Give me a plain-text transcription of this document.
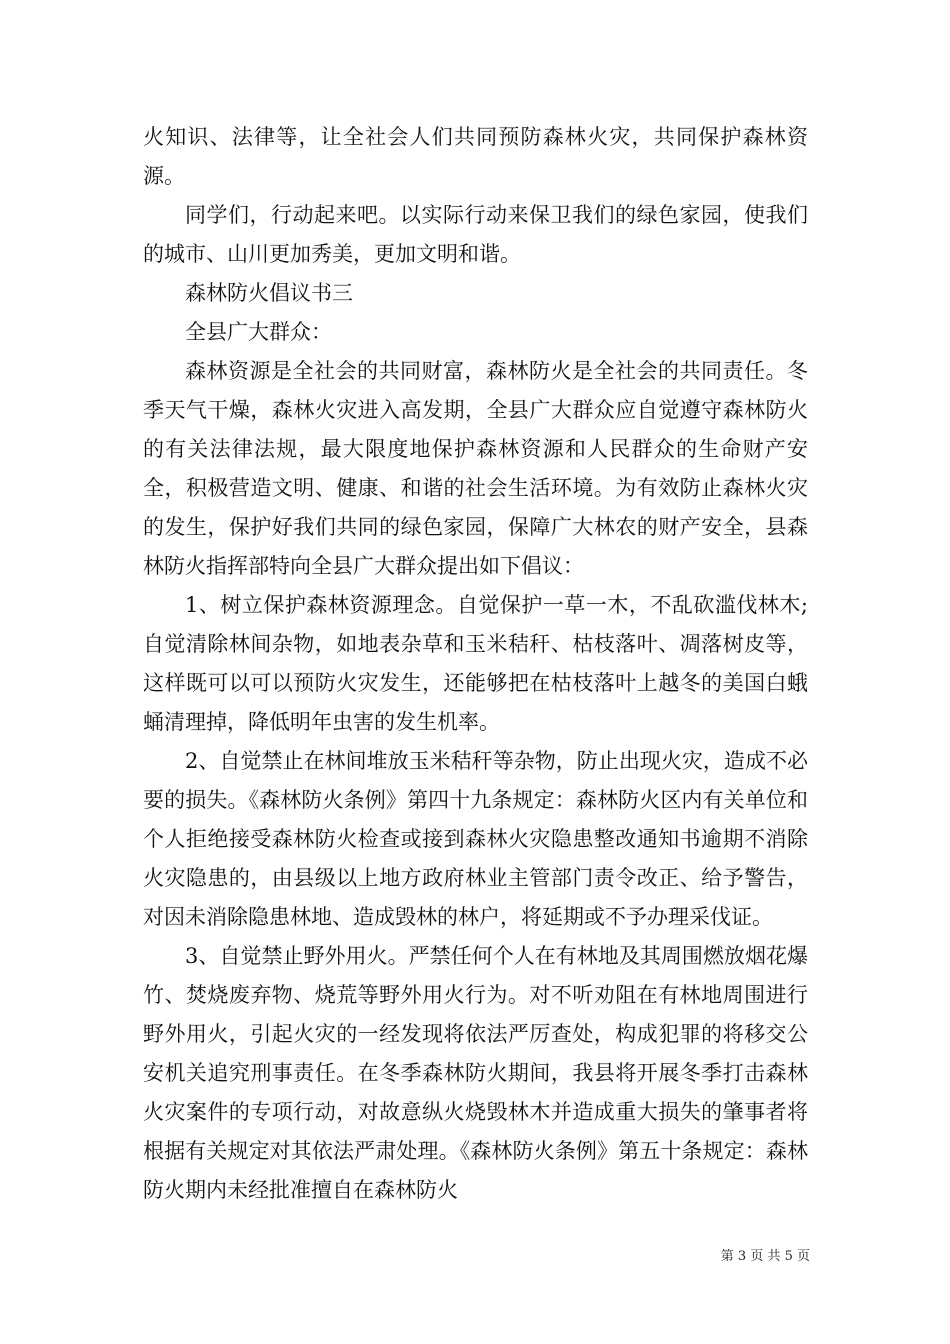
火知识、法律等，让全社会人们共同预防森林火灾，共同保护森林资源。

同学们，行动起来吧。以实际行动来保卫我们的绿色家园，使我们的城市、山川更加秀美，更加文明和谐。

森林防火倡议书三

全县广大群众：

森林资源是全社会的共同财富，森林防火是全社会的共同责任。冬季天气干燥，森林火灾进入高发期，全县广大群众应自觉遵守森林防火的有关法律法规，最大限度地保护森林资源和人民群众的生命财产安全，积极营造文明、健康、和谐的社会生活环境。为有效防止森林火灾的发生，保护好我们共同的绿色家园，保障广大林农的财产安全，县森林防火指挥部特向全县广大群众提出如下倡议：

1、树立保护森林资源理念。自觉保护一草一木，不乱砍滥伐林木;自觉清除林间杂物，如地表杂草和玉米秸秆、枯枝落叶、凋落树皮等，这样既可以可以预防火灾发生，还能够把在枯枝落叶上越冬的美国白蛾蛹清理掉，降低明年虫害的发生机率。

2、自觉禁止在林间堆放玉米秸秆等杂物，防止出现火灾，造成不必要的损失。《森林防火条例》第四十九条规定：森林防火区内有关单位和个人拒绝接受森林防火检查或接到森林火灾隐患整改通知书逾期不消除火灾隐患的，由县级以上地方政府林业主管部门责令改正、给予警告，对因未消除隐患林地、造成毁林的林户，将延期或不予办理采伐证。

3、自觉禁止野外用火。严禁任何个人在有林地及其周围燃放烟花爆竹、焚烧废弃物、烧荒等野外用火行为。对不听劝阻在有林地周围进行野外用火，引起火灾的一经发现将依法严厉查处，构成犯罪的将移交公安机关追究刑事责任。在冬季森林防火期间，我县将开展冬季打击森林火灾案件的专项行动，对故意纵火烧毁林木并造成重大损失的肇事者将根据有关规定对其依法严肃处理。《森林防火条例》第五十条规定：森林防火期内未经批准擅自在森林防火

第 3 页 共 5 页
